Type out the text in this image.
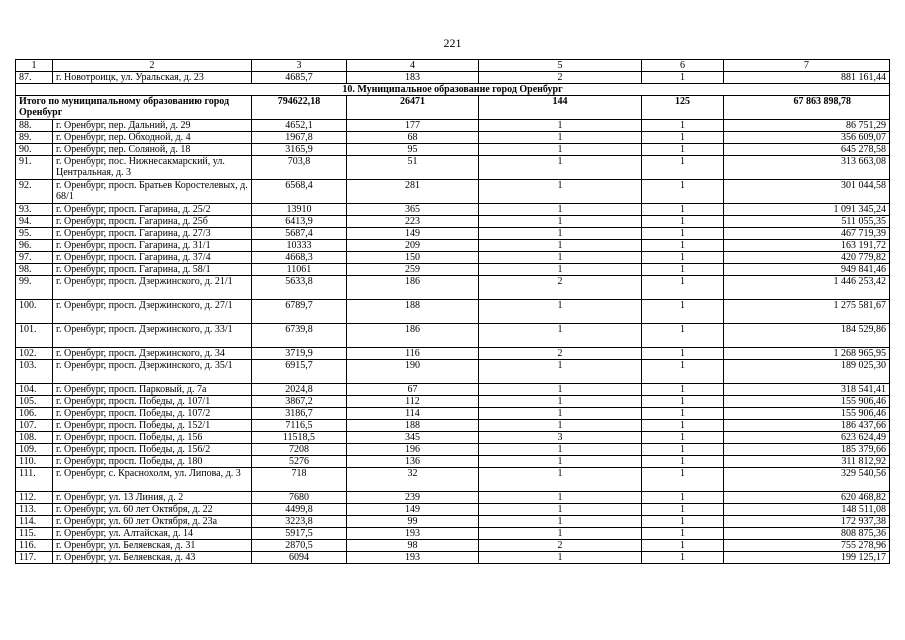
221
1	2	3	4	5	6	7
87.	г. Новотроицк, ул. Уральская, д. 23	4685,7	183	2	1	881 161,44
10. Муниципальное образование город Оренбург						
Итого по муниципальному образованию город Оренбург		794622,18	26471	144	125	67 863 898,78
88.	г. Оренбург, пер. Дальний, д. 29	4652,1	177	1	1	86 751,29
89.	г. Оренбург, пер. Обходной, д. 4	1967,8	68	1	1	356 609,07
90.	г. Оренбург, пер. Соляной, д. 18	3165,9	95	1	1	645 278,58
91.	г. Оренбург, пос. Нижнесакмарский, ул. Центральная, д. 3	703,8	51	1	1	313 663,08
92.	г. Оренбург, просп. Братьев Коростелевых, д. 68/1	6568,4	281	1	1	301 044,58
93.	г. Оренбург, просп. Гагарина, д. 25/2	13910	365	1	1	1 091 345,24
94.	г. Оренбург, просп. Гагарина, д. 25б	6413,9	223	1	1	511 055,35
95.	г. Оренбург, просп. Гагарина, д. 27/3	5687,4	149	1	1	467 719,39
96.	г. Оренбург, просп. Гагарина, д. 31/1	10333	209	1	1	163 191,72
97.	г. Оренбург, просп. Гагарина, д. 37/4	4668,3	150	1	1	420 779,82
98.	г. Оренбург, просп. Гагарина, д. 58/1	11061	259	1	1	949 841,46
99.	г. Оренбург, просп. Дзержинского, д. 21/1	5633,8	186	2	1	1 446 253,42
100.	г. Оренбург, просп. Дзержинского, д. 27/1	6789,7	188	1	1	1 275 581,67
101.	г. Оренбург, просп. Дзержинского, д. 33/1	6739,8	186	1	1	184 529,86
102.	г. Оренбург, просп. Дзержинского, д. 34	3719,9	116	2	1	1 268 965,95
103.	г. Оренбург, просп. Дзержинского, д. 35/1	6915,7	190	1	1	189 025,30
104.	г. Оренбург, просп. Парковый, д. 7а	2024,8	67	1	1	318 541,41
105.	г. Оренбург, просп. Победы, д. 107/1	3867,2	112	1	1	155 906,46
106.	г. Оренбург, просп. Победы, д. 107/2	3186,7	114	1	1	155 906,46
107.	г. Оренбург, просп. Победы, д. 152/1	7116,5	188	1	1	186 437,66
108.	г. Оренбург, просп. Победы, д. 156	11518,5	345	3	1	623 624,49
109.	г. Оренбург, просп. Победы, д. 156/2	7208	196	1	1	185 379,66
110.	г. Оренбург, просп. Победы, д. 180	5276	136	1	1	311 812,92
111.	г. Оренбург, с. Краснохолм, ул. Липова, д. 3	718	32	1	1	329 540,56
112.	г. Оренбург, ул. 13 Линия, д. 2	7680	239	1	1	620 468,82
113.	г. Оренбург, ул. 60 лет Октября, д. 22	4499,8	149	1	1	148 511,08
114.	г. Оренбург, ул. 60 лет Октября, д. 23а	3223,8	99	1	1	172 937,38
115.	г. Оренбург, ул. Алтайская, д. 14	5917,5	193	1	1	808 875,36
116.	г. Оренбург, ул. Беляевская, д. 31	2870,5	98	2	1	755 278,96
117.	г. Оренбург, ул. Беляевская, д. 43	6094	193	1	1	199 125,17
